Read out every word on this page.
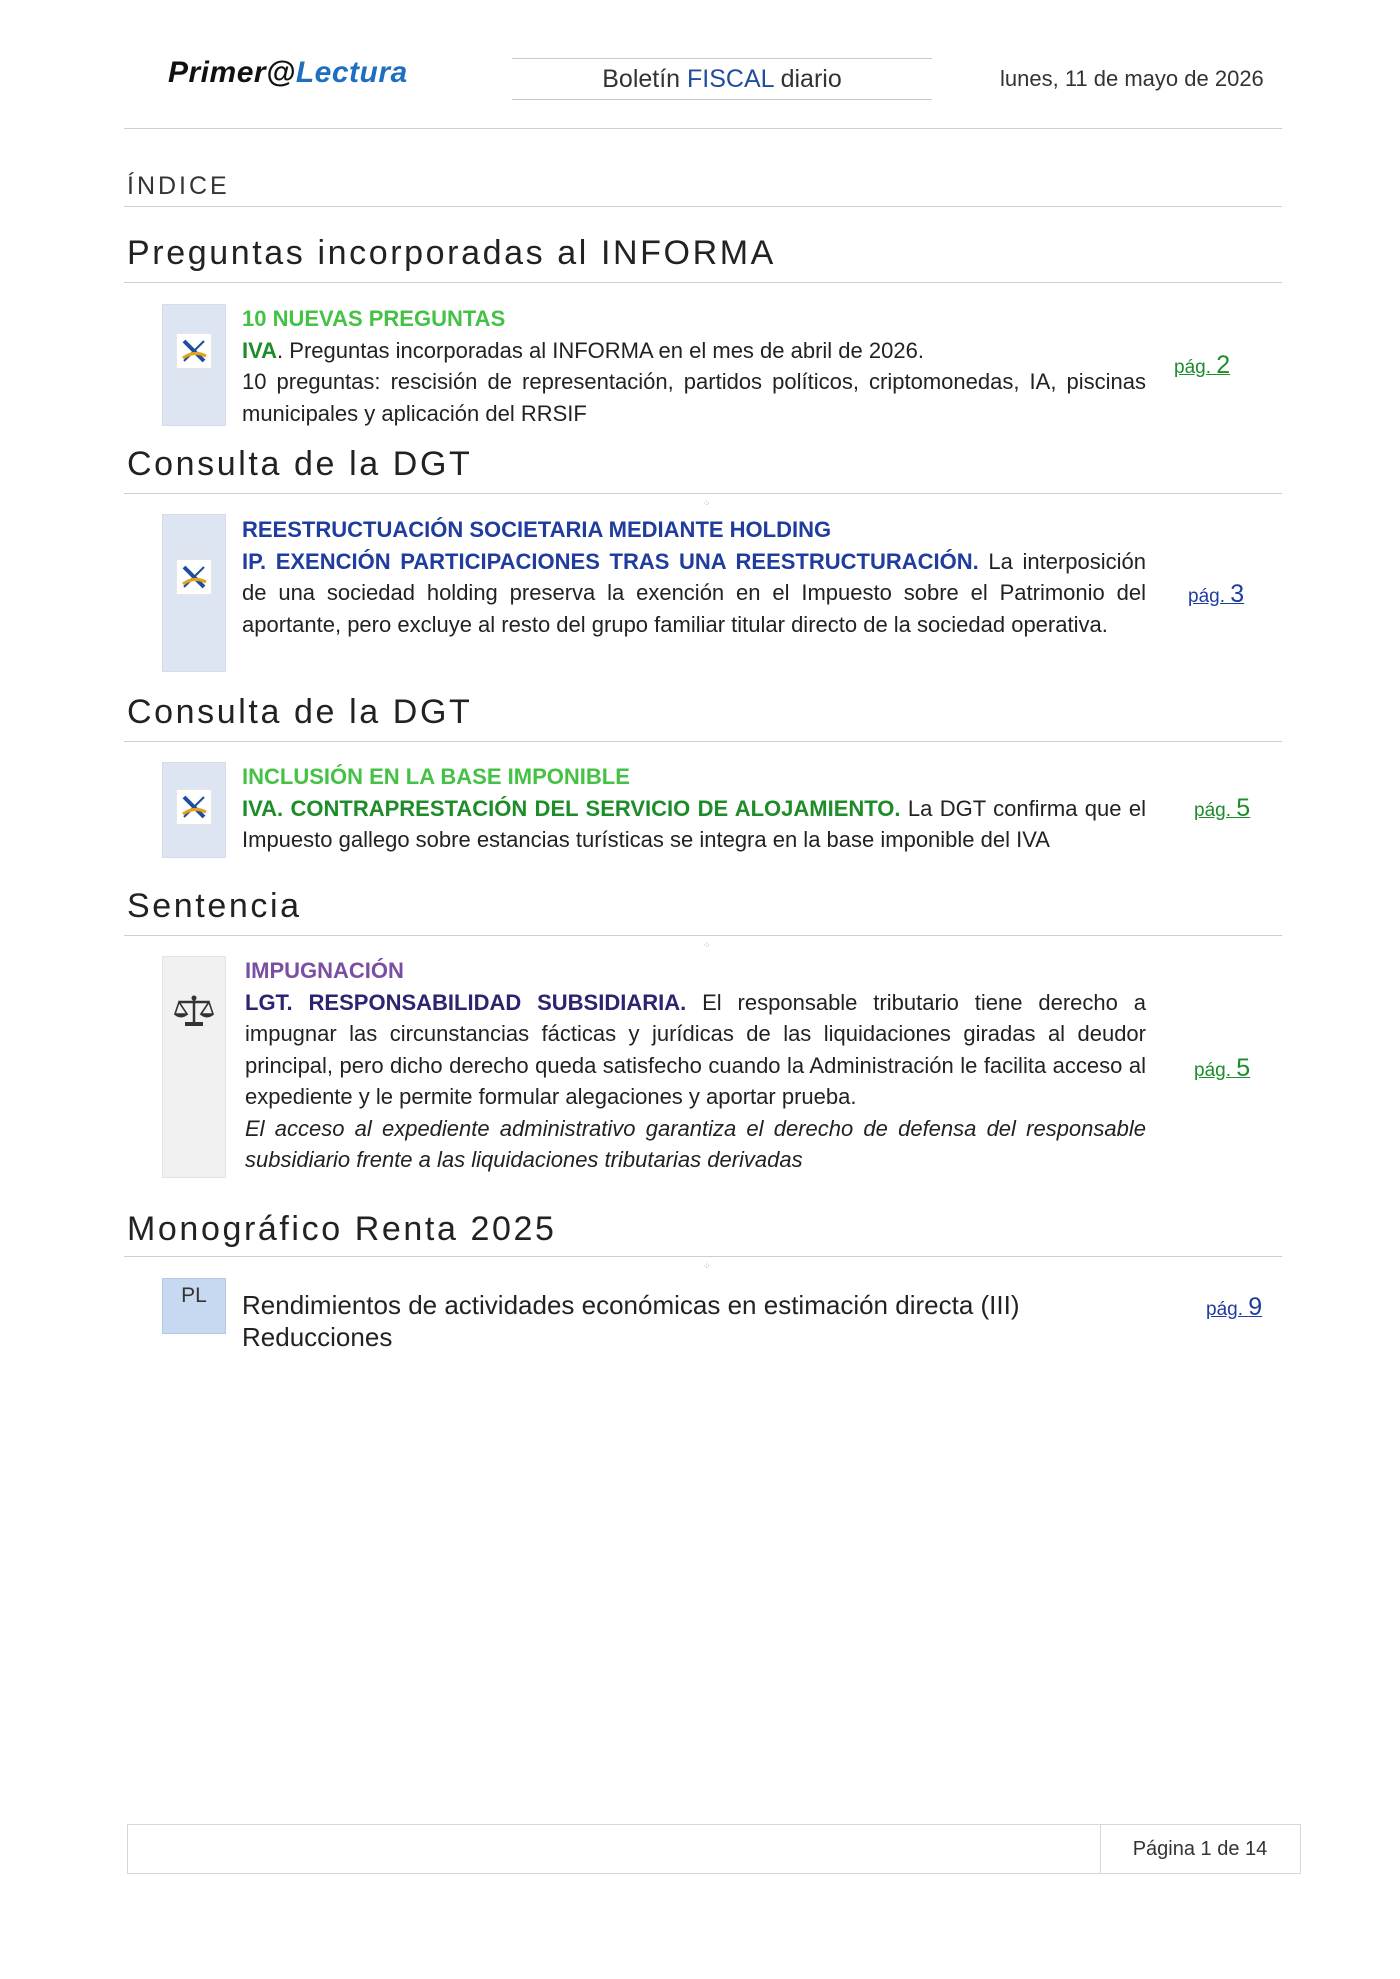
Primer@Lectura	Boletín FISCAL diario	lunes, 11 de mayo de 2026
ÍNDICE
Preguntas incorporadas al INFORMA
10 NUEVAS PREGUNTAS
IVA. Preguntas incorporadas al INFORMA en el mes de abril de 2026.
10 preguntas: rescisión de representación, partidos políticos, criptomonedas, IA, piscinas municipales y aplicación del RRSIF
pág. 2
Consulta de la DGT
⁘
REESTRUCTUACIÓN SOCIETARIA MEDIANTE HOLDING
IP. EXENCIÓN PARTICIPACIONES TRAS UNA REESTRUCTURACIÓN. La interposición de una sociedad holding preserva la exención en el Impuesto sobre el Patrimonio del aportante, pero excluye al resto del grupo familiar titular directo de la sociedad operativa.
pág. 3
Consulta de la DGT
INCLUSIÓN EN LA BASE IMPONIBLE
IVA. CONTRAPRESTACIÓN DEL SERVICIO DE ALOJAMIENTO. La DGT confirma que el Impuesto gallego sobre estancias turísticas se integra en la base imponible del IVA
pág. 5
Sentencia
⁘
IMPUGNACIÓN
LGT. RESPONSABILIDAD SUBSIDIARIA. El responsable tributario tiene derecho a impugnar las circunstancias fácticas y jurídicas de las liquidaciones giradas al deudor principal, pero dicho derecho queda satisfecho cuando la Administración le facilita acceso al expediente y le permite formular alegaciones y aportar prueba.
El acceso al expediente administrativo garantiza el derecho de defensa del responsable subsidiario frente a las liquidaciones tributarias derivadas
pág. 5
Monográfico Renta 2025
⁘
PL	Rendimientos de actividades económicas en estimación directa (III) Reducciones
pág. 9
Página 1 de 14
